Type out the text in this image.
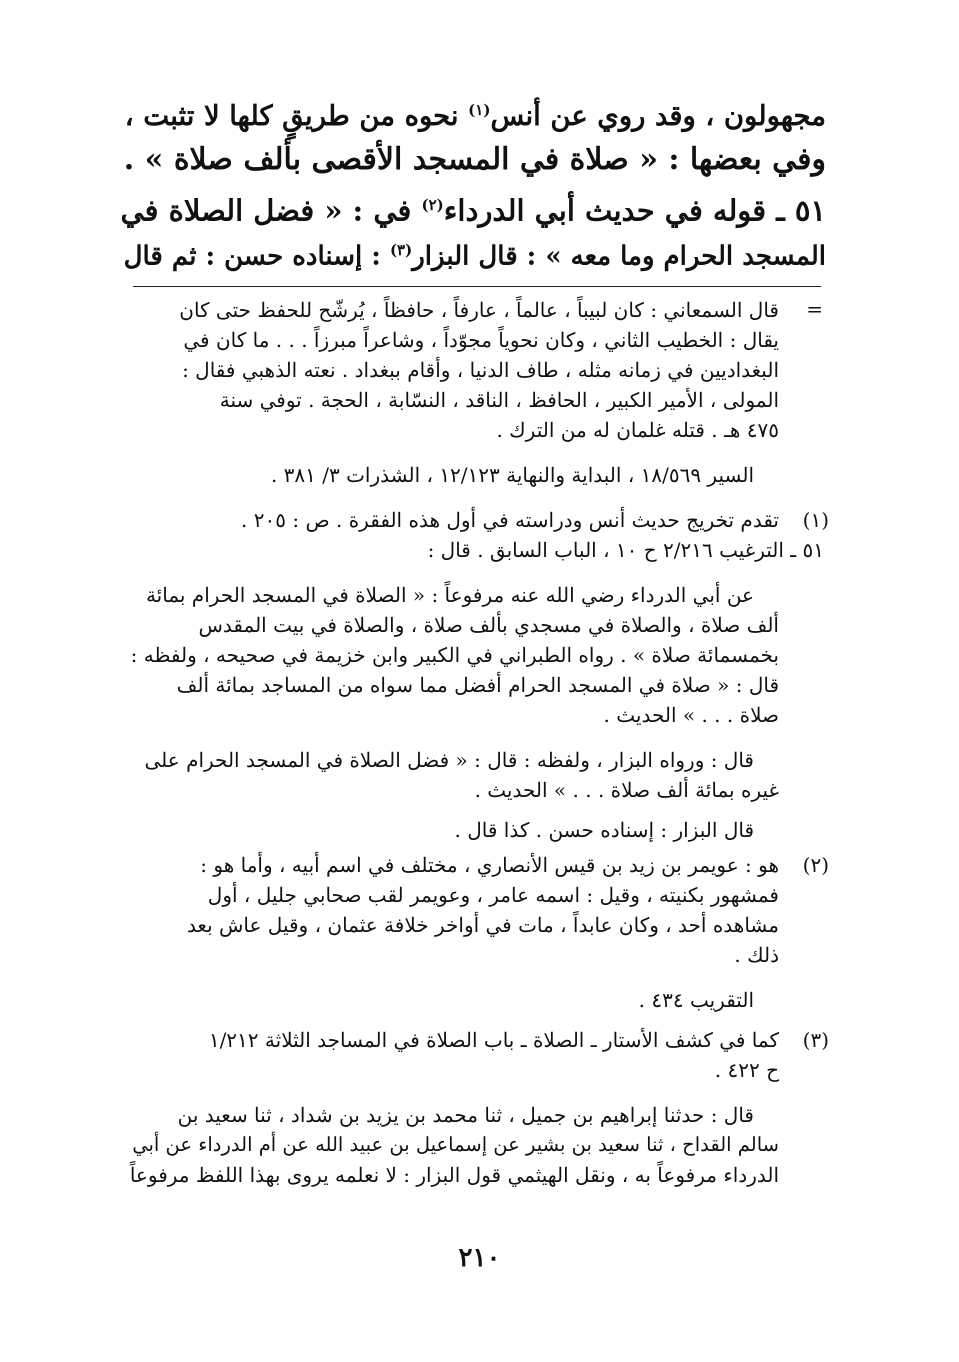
مجهولون ، وقد روي عن أنس$^{(١)}$ نحوه من طريقٍ كلها لا تثبت ،
وفي بعضها : « صلاة في المسجد الأقصى بألف صلاة » .
٥١ ـ قوله في حديث أبي الدرداء$^{(٢)}$ في : « فضل الصلاة في
المسجد الحرام وما معه » : قال البزار$^{(٣)}$ : إسناده حسن : ثم قال
=
قال السمعاني : كان لبيباً ، عالماً ، عارفاً ، حافظاً ، يُرشّح للحفظ حتى كان
يقال : الخطيب الثاني ، وكان نحوياً مجوّداً ، وشاعراً مبرزاً . . . ما كان في
البغداديين في زمانه مثله ، طاف الدنيا ، وأقام ببغداد . نعته الذهبي فقال :
المولى ، الأمير الكبير ، الحافظ ، الناقد ، النسّابة ، الحجة . توفي سنة
٤٧٥ هـ . قتله غلمان له من الترك .
السير ١٨/٥٦٩ ، البداية والنهاية ١٢/١٢٣ ، الشذرات ٣/ ٣٨١ .
(١)
تقدم تخريج حديث أنس ودراسته في أول هذه الفقرة . ص : ٢٠٥ .
٥١ ـ الترغيب ٢/٢١٦ ح ١٠ ، الباب السابق . قال :
عن أبي الدرداء رضي الله عنه مرفوعاً : « الصلاة في المسجد الحرام بمائة
ألف صلاة ، والصلاة في مسجدي بألف صلاة ، والصلاة في بيت المقدس
بخمسمائة صلاة » . رواه الطبراني في الكبير وابن خزيمة في صحيحه ، ولفظه :
قال : « صلاة في المسجد الحرام أفضل مما سواه من المساجد بمائة ألف
صلاة . . . » الحديث .
قال : ورواه البزار ، ولفظه : قال : « فضل الصلاة في المسجد الحرام على
غيره بمائة ألف صلاة . . . » الحديث .
قال البزار : إسناده حسن . كذا قال .
(٢)
هو : عويمر بن زيد بن قيس الأنصاري ، مختلف في اسم أبيه ، وأما هو :
فمشهور بكنيته ، وقيل : اسمه عامر ، وعويمر لقب صحابي جليل ، أول
مشاهده أحد ، وكان عابداً ، مات في أواخر خلافة عثمان ، وقيل عاش بعد
ذلك .
التقريب ٤٣٤ .
(٣)
كما في كشف الأستار ـ الصلاة ـ باب الصلاة في المساجد الثلاثة ١/٢١٢
ح ٤٢٢ .
قال : حدثنا إبراهيم بن جميل ، ثنا محمد بن يزيد بن شداد ، ثنا سعيد بن
سالم القداح ، ثنا سعيد بن بشير عن إسماعيل بن عبيد الله عن أم الدرداء عن أبي
الدرداء مرفوعاً به ، ونقل الهيثمي قول البزار : لا نعلمه يروى بهذا اللفظ مرفوعاً
٢١٠
